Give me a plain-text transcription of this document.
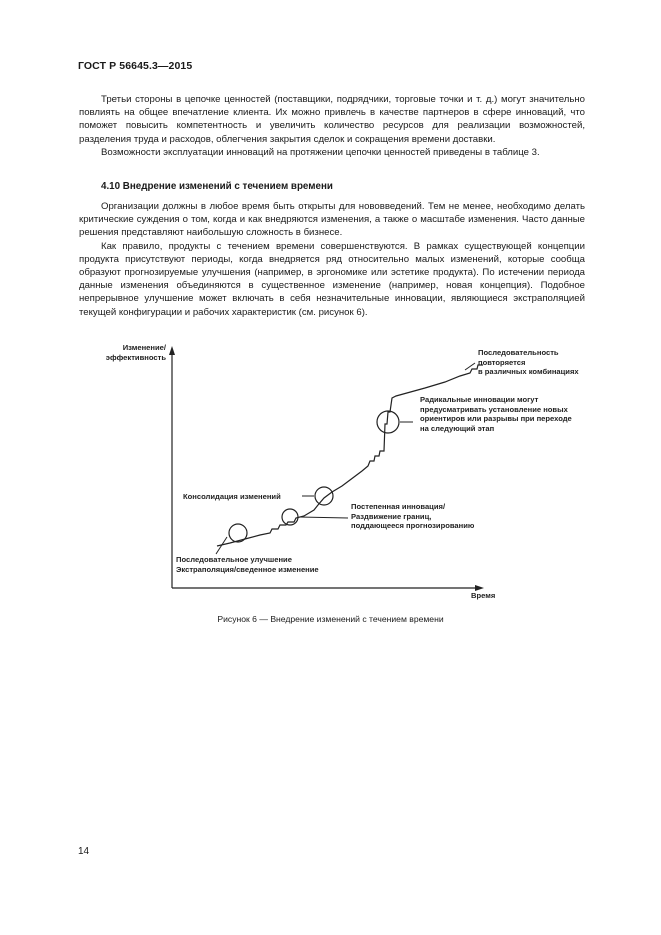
ГОСТ Р 56645.3—2015

Третьи стороны в цепочке ценностей (поставщики, подрядчики, торговые точки и т. д.) могут значительно повлиять на общее впечатление клиента. Их можно привлечь в качестве партнеров в сфере инноваций, что поможет повысить компетентность и увеличить количество ресурсов для реализации возможностей, разделения труда и расходов, облегчения закрытия сделок и сокращения времени доставки.

Возможности эксплуатации инноваций на протяжении цепочки ценностей приведены в таблице 3.

4.10 Внедрение изменений с течением времени

Организации должны в любое время быть открыты для нововведений. Тем не менее, необходимо делать критические суждения о том, когда и как внедряются изменения, а также о масштабе изменения. Часто данные решения представляют наибольшую сложность в бизнесе.

Как правило, продукты с течением времени совершенствуются. В рамках существующей концепции продукта присутствуют периоды, когда внедряется ряд относительно малых изменений, которые сообща образуют прогнозируемые улучшения (например, в эргономике или эстетике продукта). По истечении периода данные изменения объединяются в существенное изменение (например, новая концепция). Подобное непрерывное улучшение может включать в себя незначительные инновации, являющиеся экстраполяцией текущей конфигурации и рабочих характеристик (см. рисунок 6).

Изменение/
эффективность
Время
Последовательность
повторяется
в различных комбинациях
Радикальные инновации могут
предусматривать установление новых
ориентиров или разрывы при переходе
на следующий этап
Консолидация изменений
Постепенная инновация/
Раздвижение границ,
поддающееся прогнозированию
Последовательное улучшение
Экстраполяция/сведенное изменение
Рисунок 6 — Внедрение изменений с течением времени
14
